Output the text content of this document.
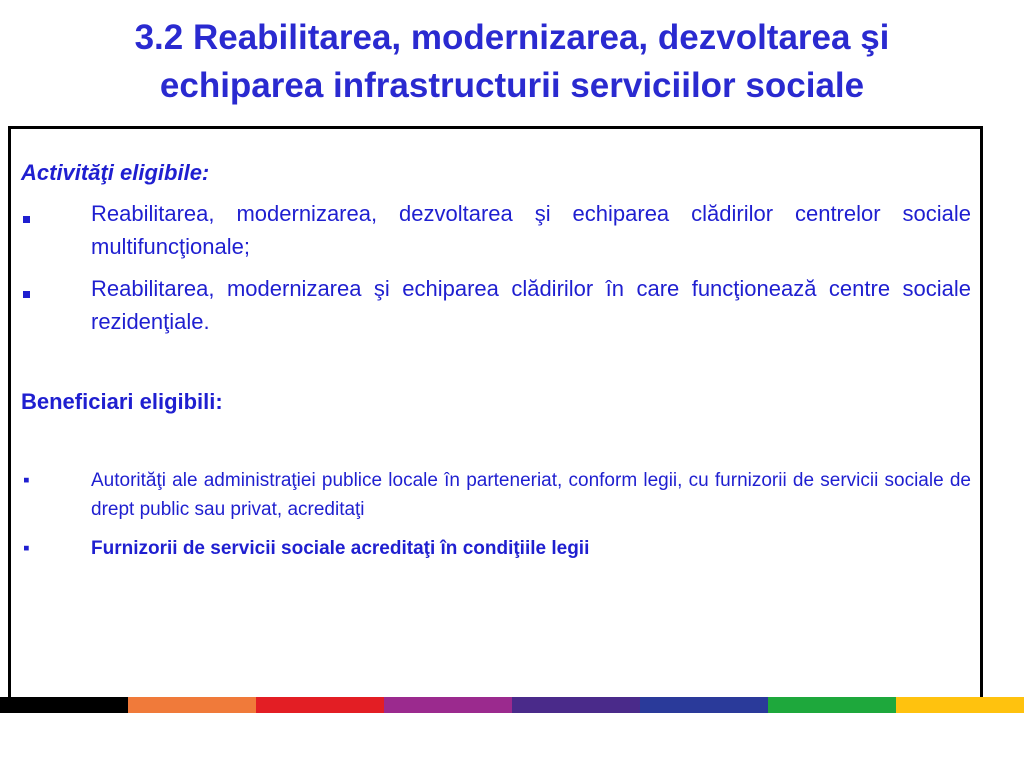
3.2 Reabilitarea, modernizarea, dezvoltarea şi
echiparea infrastructurii serviciilor sociale
Activităţi eligibile:
Reabilitarea, modernizarea, dezvoltarea şi echiparea clădirilor centrelor sociale multifuncţionale;
Reabilitarea, modernizarea şi echiparea clădirilor în care funcţionează centre sociale rezidenţiale.
Beneficiari eligibili:
▪	Autorităţi ale administraţiei publice locale în parteneriat, conform legii, cu furnizorii de servicii sociale de drept public sau privat, acreditaţi
▪	Furnizorii de servicii sociale acreditaţi în condiţiile legii
